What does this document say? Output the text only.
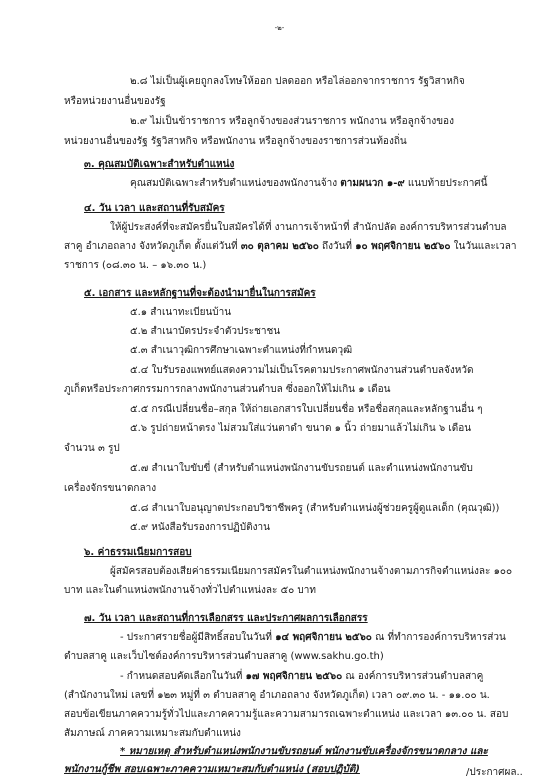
-๒-
๒.๘ ไม่เป็นผู้เคยถูกลงโทษให้ออก ปลดออก หรือไล่ออกจากราชการ รัฐวิสาหกิจ
หรือหน่วยงานอื่นของรัฐ
๒.๙ ไม่เป็นข้าราชการ หรือลูกจ้างของส่วนราชการ พนักงาน หรือลูกจ้างของ
หน่วยงานอื่นของรัฐ รัฐวิสาหกิจ หรือพนักงาน หรือลูกจ้างของราชการส่วนท้องถิ่น
๓. คุณสมบัติเฉพาะสำหรับตำแหน่ง
คุณสมบัติเฉพาะสำหรับตำแหน่งของพนักงานจ้าง ตามผนวก ๑-๙ แนบท้ายประกาศนี้
๔. วัน เวลา และสถานที่รับสมัคร
ให้ผู้ประสงค์ที่จะสมัครยื่นใบสมัครได้ที่ งานการเจ้าหน้าที่ สำนักปลัด องค์การบริหารส่วนตำบล
สาคู อำเภอถลาง จังหวัดภูเก็ต ตั้งแต่วันที่ ๓๐ ตุลาคม ๒๕๖๐ ถึงวันที่ ๑๐ พฤศจิกายน ๒๕๖๐ ในวันและเวลา
ราชการ (๐๘.๓๐ น. – ๑๖.๓๐ น.)
๕. เอกสาร และหลักฐานที่จะต้องนำมายื่นในการสมัคร
๕.๑ สำเนาทะเบียนบ้าน
๕.๒ สำเนาบัตรประจำตัวประชาชน
๕.๓ สำเนาวุฒิการศึกษาเฉพาะตำแหน่งที่กำหนดวุฒิ
๕.๔ ใบรับรองแพทย์แสดงความไม่เป็นโรคตามประกาศพนักงานส่วนตำบลจังหวัด
ภูเก็ตหรือประกาศกรรมการกลางพนักงานส่วนตำบล ซึ่งออกให้ไม่เกิน ๑ เดือน
๕.๕ กรณีเปลี่ยนชื่อ–สกุล ให้ถ่ายเอกสารใบเปลี่ยนชื่อ หรือชื่อสกุลและหลักฐานอื่น ๆ
๕.๖ รูปถ่ายหน้าตรง ไม่สวมใส่แว่นตาดำ ขนาด ๑ นิ้ว ถ่ายมาแล้วไม่เกิน ๖ เดือน
จำนวน ๓ รูป
๕.๗ สำเนาใบขับขี่ (สำหรับตำแหน่งพนักงานขับรถยนต์ และตำแหน่งพนักงานขับ
เครื่องจักรขนาดกลาง
๕.๘ สำเนาใบอนุญาตประกอบวิชาชีพครู (สำหรับตำแหน่งผู้ช่วยครูผู้ดูแลเด็ก (คุณวุฒิ))
๕.๙ หนังสือรับรองการปฏิบัติงาน
๖. ค่าธรรมเนียมการสอบ
ผู้สมัครสอบต้องเสียค่าธรรมเนียมการสมัครในตำแหน่งพนักงานจ้างตามภารกิจตำแหน่งละ ๑๐๐
บาท และในตำแหน่งพนักงานจ้างทั่วไปตำแหน่งละ ๕๐ บาท
๗. วัน เวลา และสถานที่การเลือกสรร และประกาศผลการเลือกสรร
- ประกาศรายชื่อผู้มีสิทธิ์สอบในวันที่ ๑๔ พฤศจิกายน ๒๕๖๐ ณ ที่ทำการองค์การบริหารส่วน
ตำบลสาคู และเว็บไซต์องค์การบริหารส่วนตำบลสาคู (www.sakhu.go.th)
- กำหนดสอบคัดเลือกในวันที่ ๑๗ พฤศจิกายน ๒๕๖๐ ณ องค์การบริหารส่วนตำบลสาคู
(สำนักงานใหม่ เลขที่ ๑๒๓ หมู่ที่ ๓ ตำบลสาคู อำเภอถลาง จังหวัดภูเก็ต) เวลา ๐๙.๓๐ น. - ๑๑.๐๐ น.
สอบข้อเขียนภาคความรู้ทั่วไปและภาคความรู้และความสามารถเฉพาะตำแหน่ง และเวลา ๑๓.๐๐ น. สอบ
สัมภาษณ์ ภาคความเหมาะสมกับตำแหน่ง
* หมายเหตุ สำหรับตำแหน่งพนักงานขับรถยนต์ พนักงานขับเครื่องจักรขนาดกลาง และ
พนักงานกู้ชีพ สอบเฉพาะภาคความเหมาะสมกับตำแหน่ง (สอบปฏิบัติ)	/ประกาศผล..
